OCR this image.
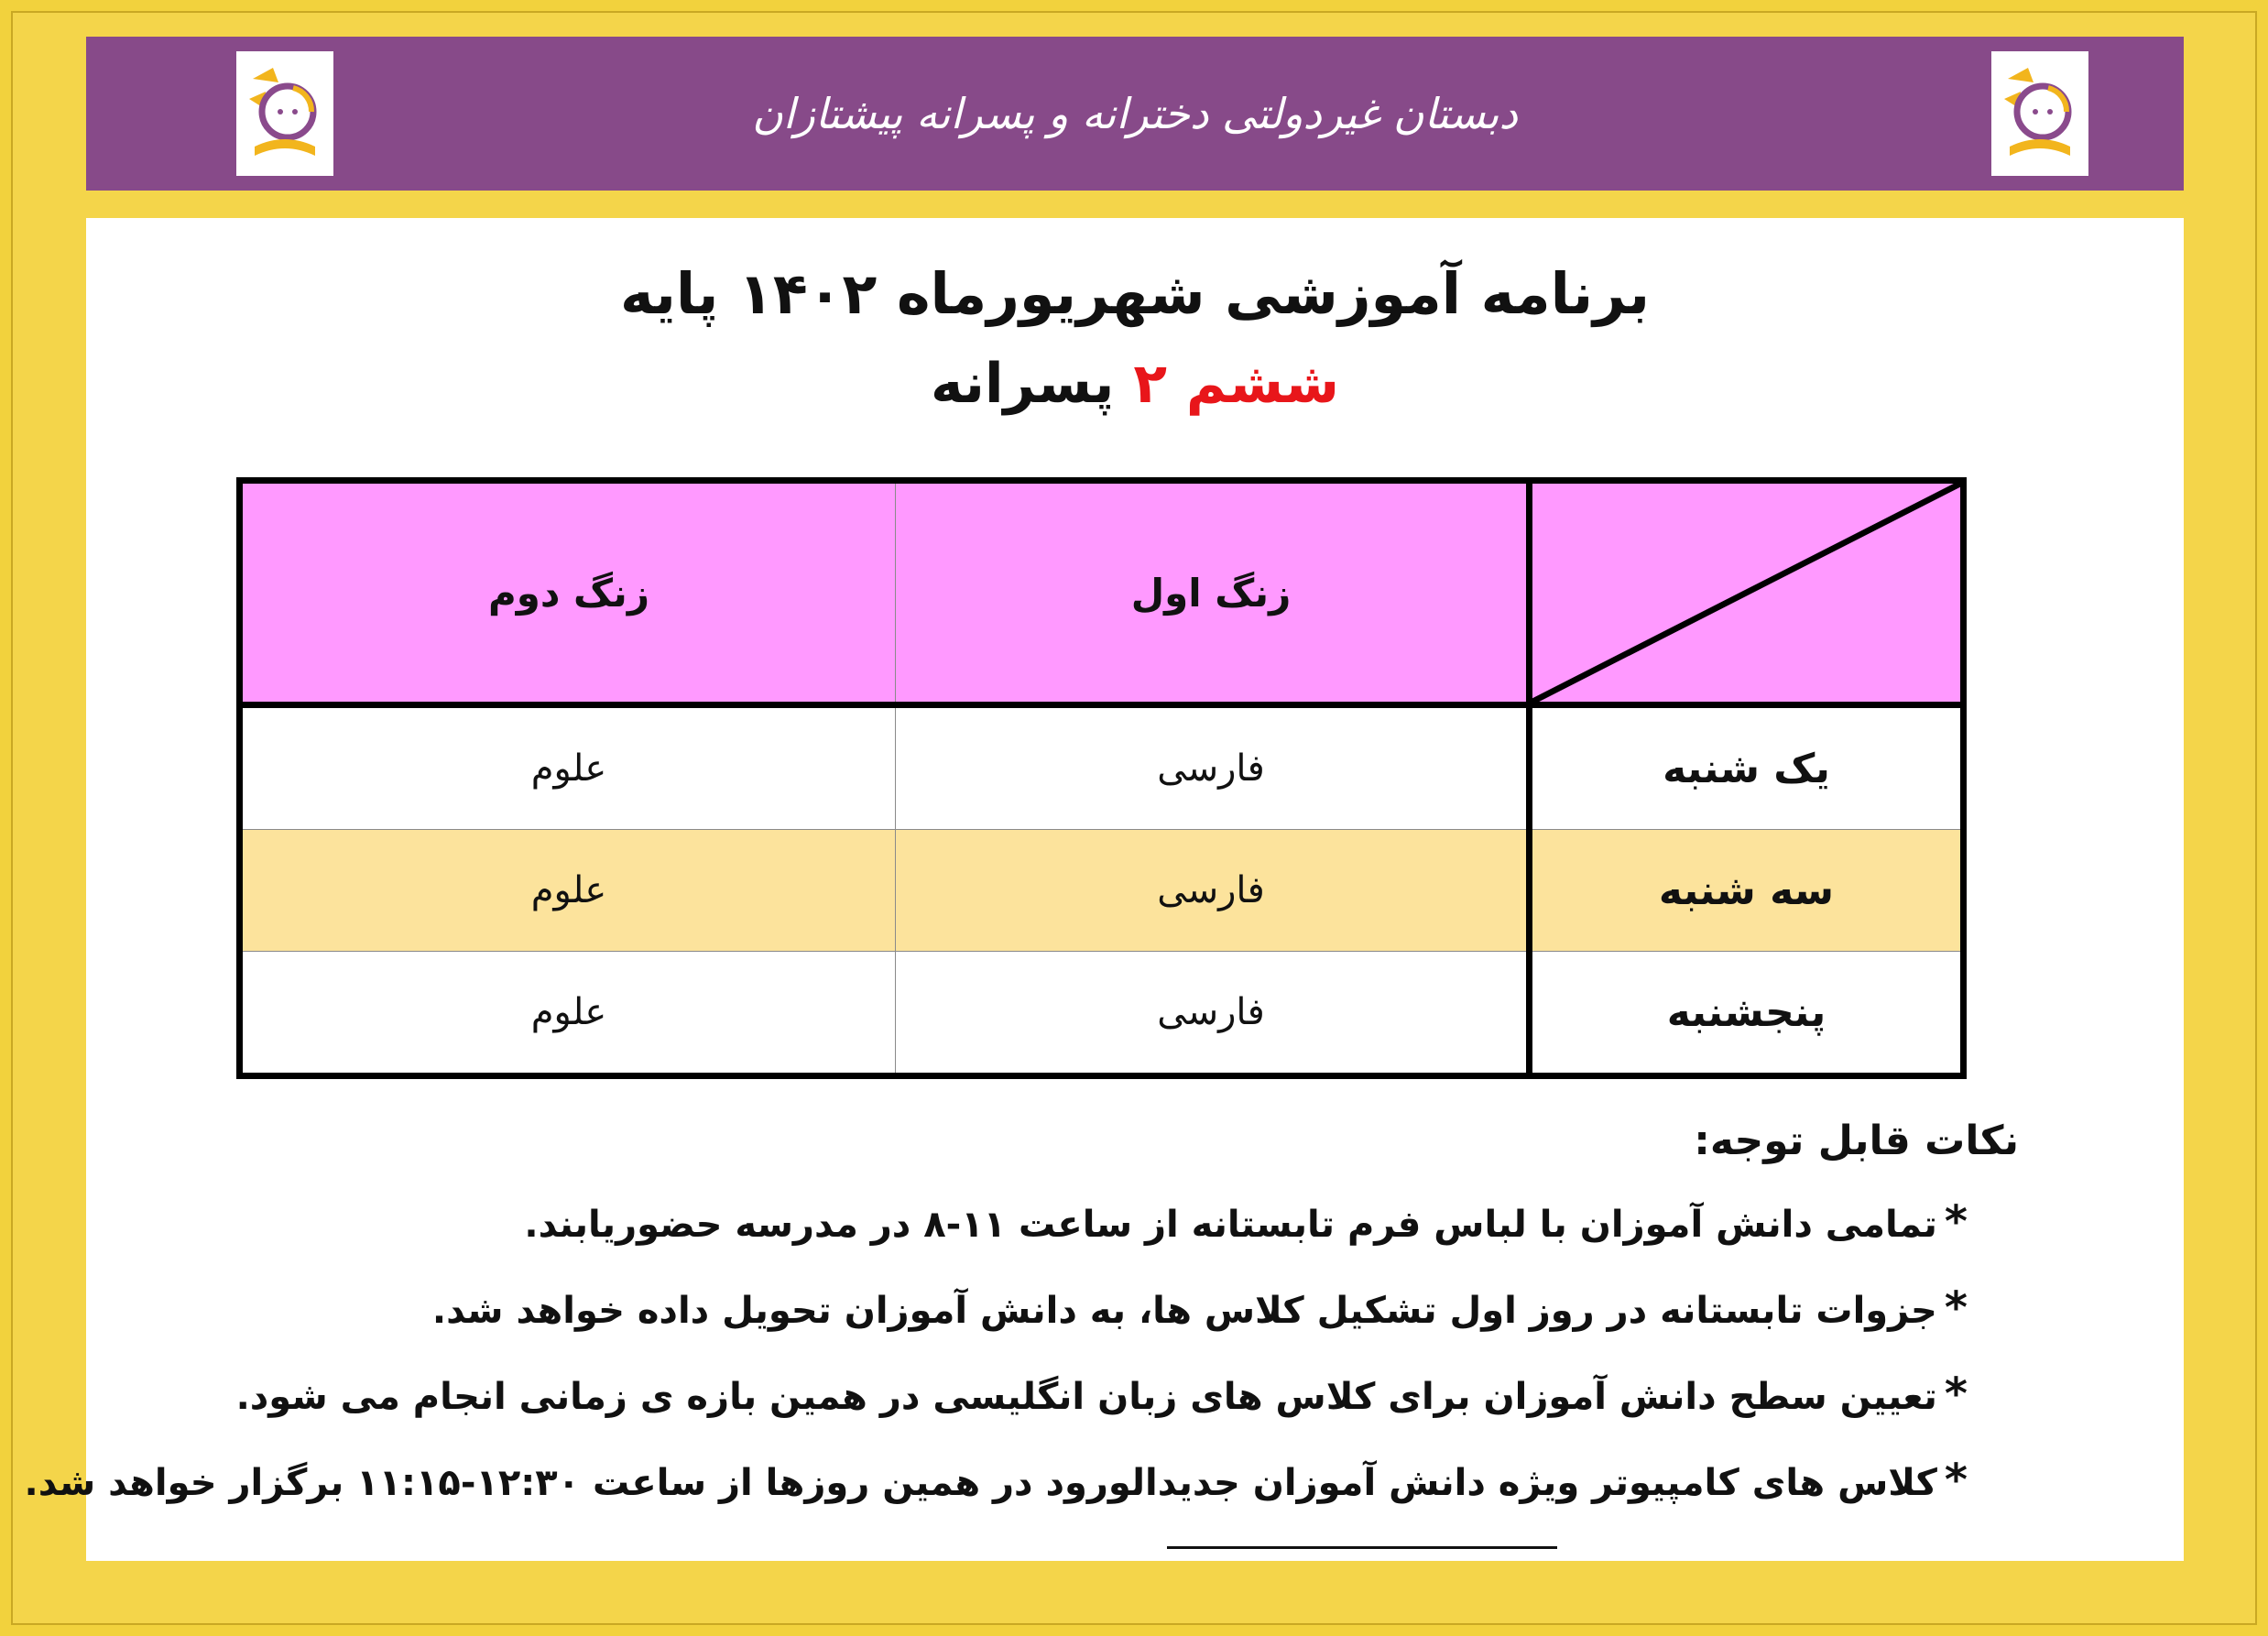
دبستان غیردولتی دخترانه و پسرانه پیشتازان
برنامه آموزشی شهریورماه ۱۴۰۲ پایه
ششم ۲ پسرانه
	زنگ اول	زنگ دوم
یک شنبه	فارسی	علوم
سه شنبه	فارسی	علوم
پنجشنبه	فارسی	علوم
نکات قابل توجه:
*تمامی دانش آموزان با لباس فرم تابستانه از ساعت ۱۱-۸ در مدرسه حضوریابند.
*جزوات تابستانه در روز اول تشکیل کلاس ها، به دانش آموزان تحویل داده خواهد شد.
*تعیین سطح دانش آموزان برای کلاس های زبان انگلیسی در همین بازه ی زمانی انجام می شود.
*کلاس های کامپیوتر ویژه دانش آموزان جدیدالورود در همین روزها از ساعت ۱۲:۳۰-۱۱:۱۵ برگزار خواهد شد.
